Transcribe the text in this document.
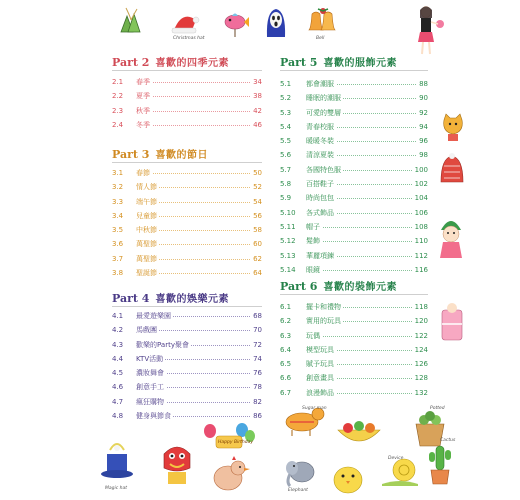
Christmas hat	Bell
Part 2 喜歡的四季元素
2.1 春季	34
2.2 夏季	38
2.3 秋季	42
2.4 冬季	46
Part 3 喜歡的節日
3.1 春節	50
3.2 情人節	52
3.3 端午節	54
3.4 兒童節	56
3.5 中秋節	58
3.6 萬聖節	60
3.7 萬聖節	62
3.8 聖誕節	64
Part 4 喜歡的娛樂元素
4.1 最愛遊樂園	68
4.2 馬戲團	70
4.3 歡樂的Party聚會	72
4.4 KTV活動	74
4.5 濃妝舞會	76
4.6 創意手工	78
4.7 瘋狂購物	82
4.8 健身與節食	86
Part 5 喜歡的服飾元素
5.1 都會潮服	88
5.2 睡眠的潮服	90
5.3 可愛的雙層	92
5.4 青春校服	94
5.5 暖暖冬裝	96
5.6 清涼夏裝	98
5.7 各國特色服	100
5.8 百搭鞋子	102
5.9 時尚包包	104
5.10 各式飾品	106
5.11 帽子	108
5.12 髮飾	110
5.13 華麗項鍊	112
5.14 眼鏡	116
Part 6 喜歡的裝飾元素
6.1 擺卡和禮物	118
6.2 實用的玩具	120
6.3 玩偶	122
6.4 模型玩具	124
6.5 賦予玩具	126
6.6 創意畫具	128
6.7 浪漫飾品	132
Magic hat
Happy Birthday
Sugar man	Potted
Elephant
Device
Cactus
